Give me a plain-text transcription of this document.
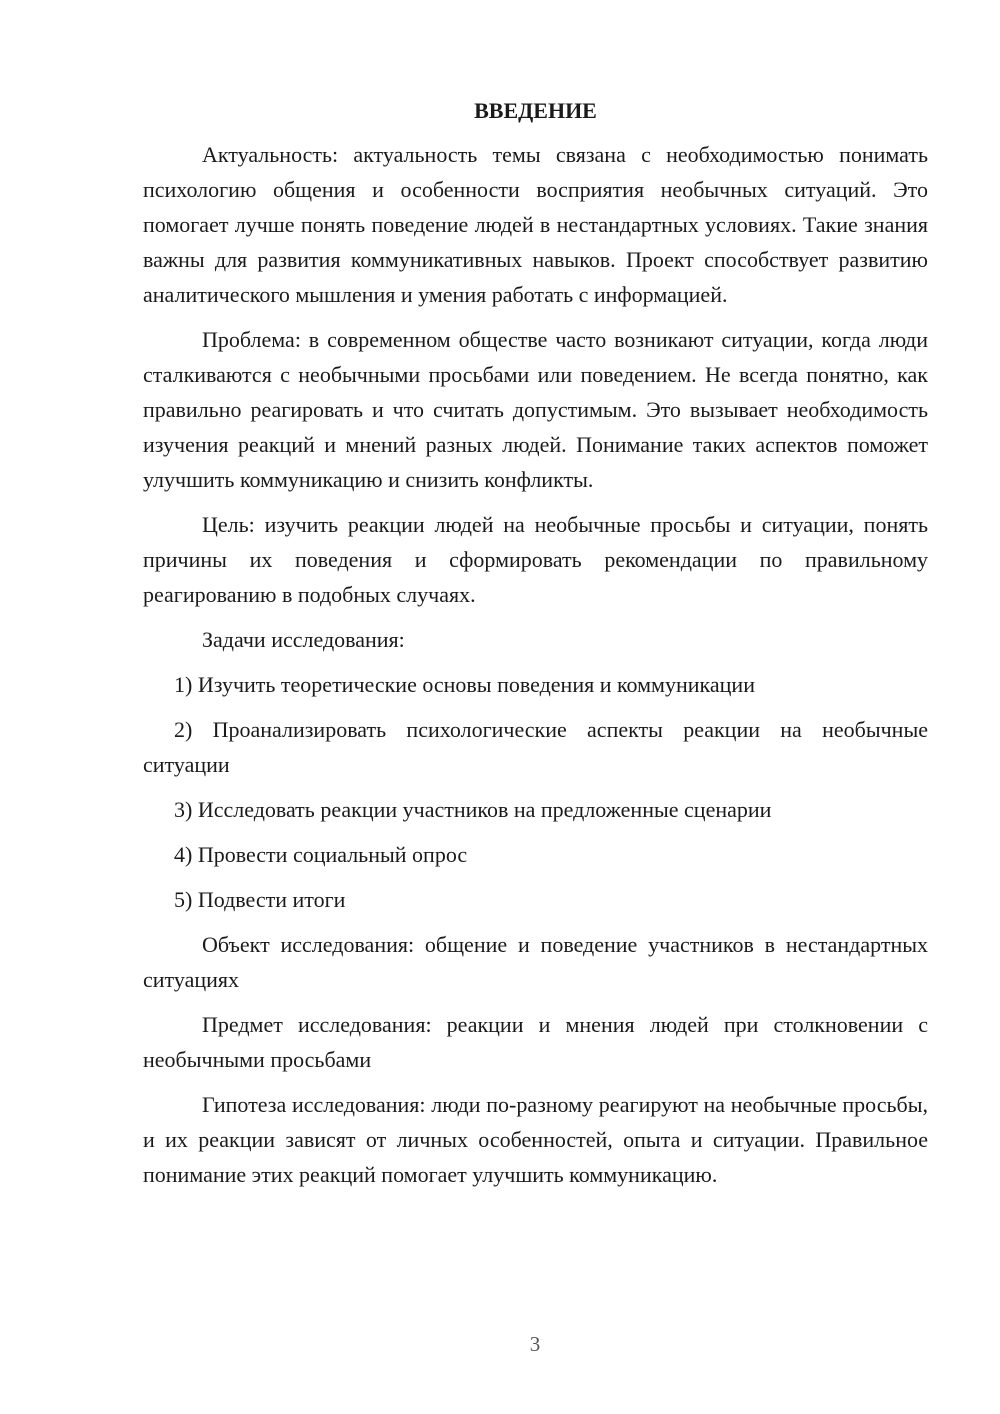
ВВЕДЕНИЕ

Актуальность: актуальность темы связана с необходимостью понимать психологию общения и особенности восприятия необычных ситуаций. Это помогает лучше понять поведение людей в нестандартных условиях. Такие знания важны для развития коммуникативных навыков. Проект способствует развитию аналитического мышления и умения работать с информацией.

Проблема: в современном обществе часто возникают ситуации, когда люди сталкиваются с необычными просьбами или поведением. Не всегда понятно, как правильно реагировать и что считать допустимым. Это вызывает необходимость изучения реакций и мнений разных людей. Понимание таких аспектов поможет улучшить коммуникацию и снизить конфликты.

Цель: изучить реакции людей на необычные просьбы и ситуации, понять причины их поведения и сформировать рекомендации по правильному реагированию в подобных случаях.

Задачи исследования:

1) Изучить теоретические основы поведения и коммуникации

2) Проанализировать психологические аспекты реакции на необычные ситуации

3) Исследовать реакции участников на предложенные сценарии

4) Провести социальный опрос

5) Подвести итоги

Объект исследования: общение и поведение участников в нестандартных ситуациях

Предмет исследования: реакции и мнения людей при столкновении с необычными просьбами

Гипотеза исследования: люди по-разному реагируют на необычные просьбы, и их реакции зависят от личных особенностей, опыта и ситуации. Правильное понимание этих реакций помогает улучшить коммуникацию.

3
